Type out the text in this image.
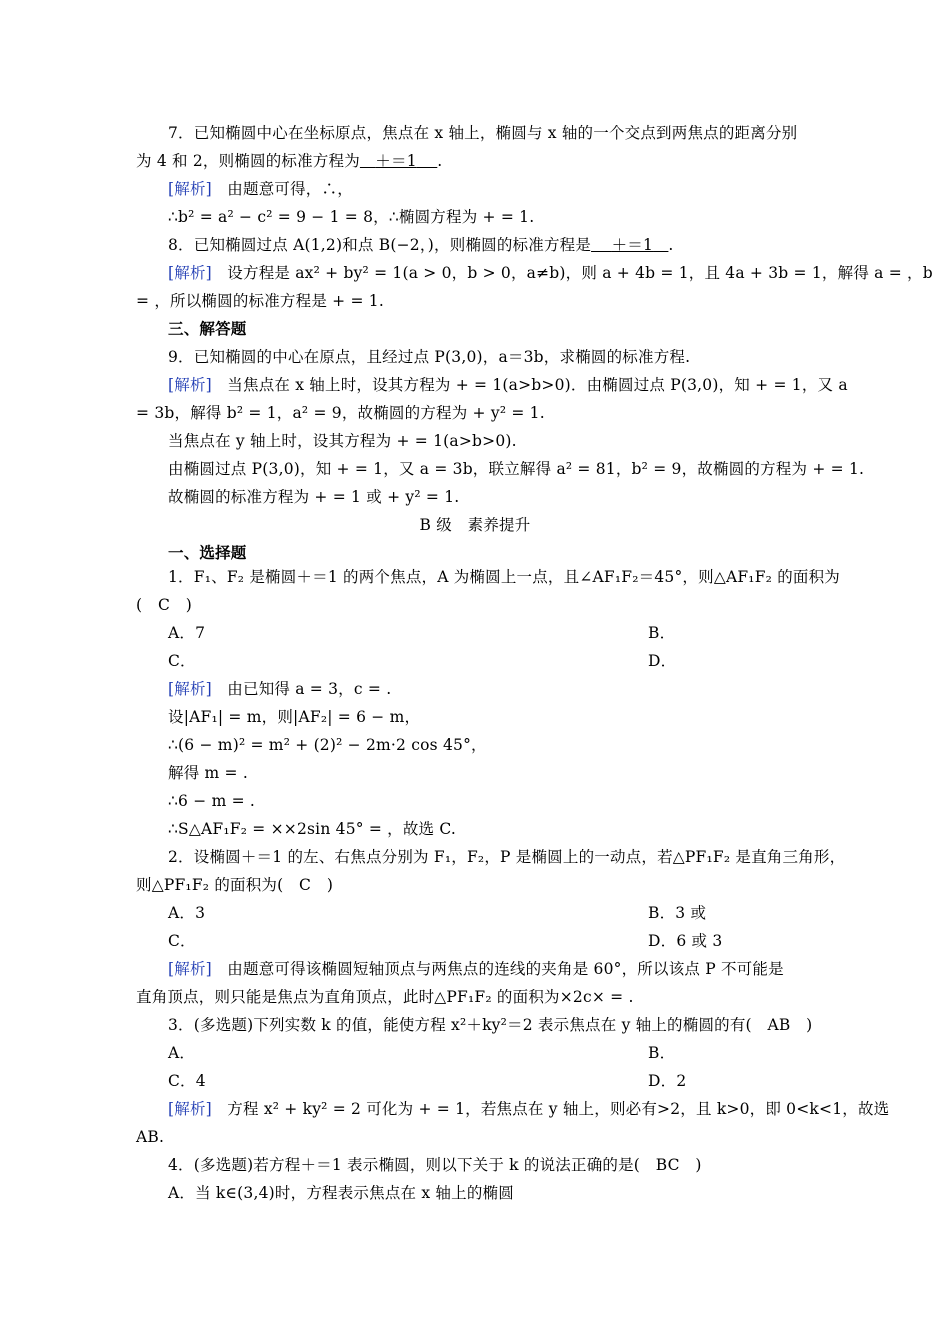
7．已知椭圆中心在坐标原点，焦点在 x 轴上，椭圆与 x 轴的一个交点到两焦点的距离分别
为 4 和 2，则椭圆的标准方程为 ＋＝1 .
[解析] 由题意可得，∴，
∴b² = a² − c² = 9 − 1 = 8，∴椭圆方程为 + = 1.
8．已知椭圆过点 A(1,2)和点 B(−2，)，则椭圆的标准方程是 ＋＝1 .
[解析] 设方程是 ax² + by² = 1(a > 0，b > 0，a≠b)，则 a + 4b = 1，且 4a + 3b = 1，解得 a = ，b
= ，所以椭圆的标准方程是 + = 1.
三、解答题
9．已知椭圆的中心在原点，且经过点 P(3,0)，a＝3b，求椭圆的标准方程.
[解析] 当焦点在 x 轴上时，设其方程为 + = 1(a>b>0)．由椭圆过点 P(3,0)，知 + = 1，又 a
= 3b，解得 b² = 1，a² = 9，故椭圆的方程为 + y² = 1.
当焦点在 y 轴上时，设其方程为 + = 1(a>b>0).
由椭圆过点 P(3,0)，知 + = 1，又 a = 3b，联立解得 a² = 81，b² = 9，故椭圆的方程为 + = 1.
故椭圆的标准方程为 + = 1 或 + y² = 1.
B 级　素养提升
一、选择题
1．F₁、F₂ 是椭圆＋＝1 的两个焦点，A 为椭圆上一点，且∠AF₁F₂＝45°，则△AF₁F₂ 的面积为
(　C　)
A．7	B．
C．	D．
[解析] 由已知得 a = 3，c = .
设|AF₁| = m，则|AF₂| = 6 − m，
∴(6 − m)² = m² + (2)² − 2m·2 cos 45°，
解得 m = .
∴6 − m = .
∴S△AF₁F₂ = ××2sin 45° = ，故选 C.
2．设椭圆＋＝1 的左、右焦点分别为 F₁，F₂，P 是椭圆上的一动点，若△PF₁F₂ 是直角三角形，
则△PF₁F₂ 的面积为(　C　)
A．3	B．3 或
C．	D．6 或 3
[解析] 由题意可得该椭圆短轴顶点与两焦点的连线的夹角是 60°，所以该点 P 不可能是
直角顶点，则只能是焦点为直角顶点，此时△PF₁F₂ 的面积为×2c× = .
3．(多选题)下列实数 k 的值，能使方程 x²＋ky²＝2 表示焦点在 y 轴上的椭圆的有(　AB　)
A．	B．
C．4	D．2
[解析] 方程 x² + ky² = 2 可化为 + = 1，若焦点在 y 轴上，则必有>2，且 k>0，即 0<k<1，故选
AB.
4．(多选题)若方程＋＝1 表示椭圆，则以下关于 k 的说法正确的是(　BC　)
A．当 k∈(3,4)时，方程表示焦点在 x 轴上的椭圆
